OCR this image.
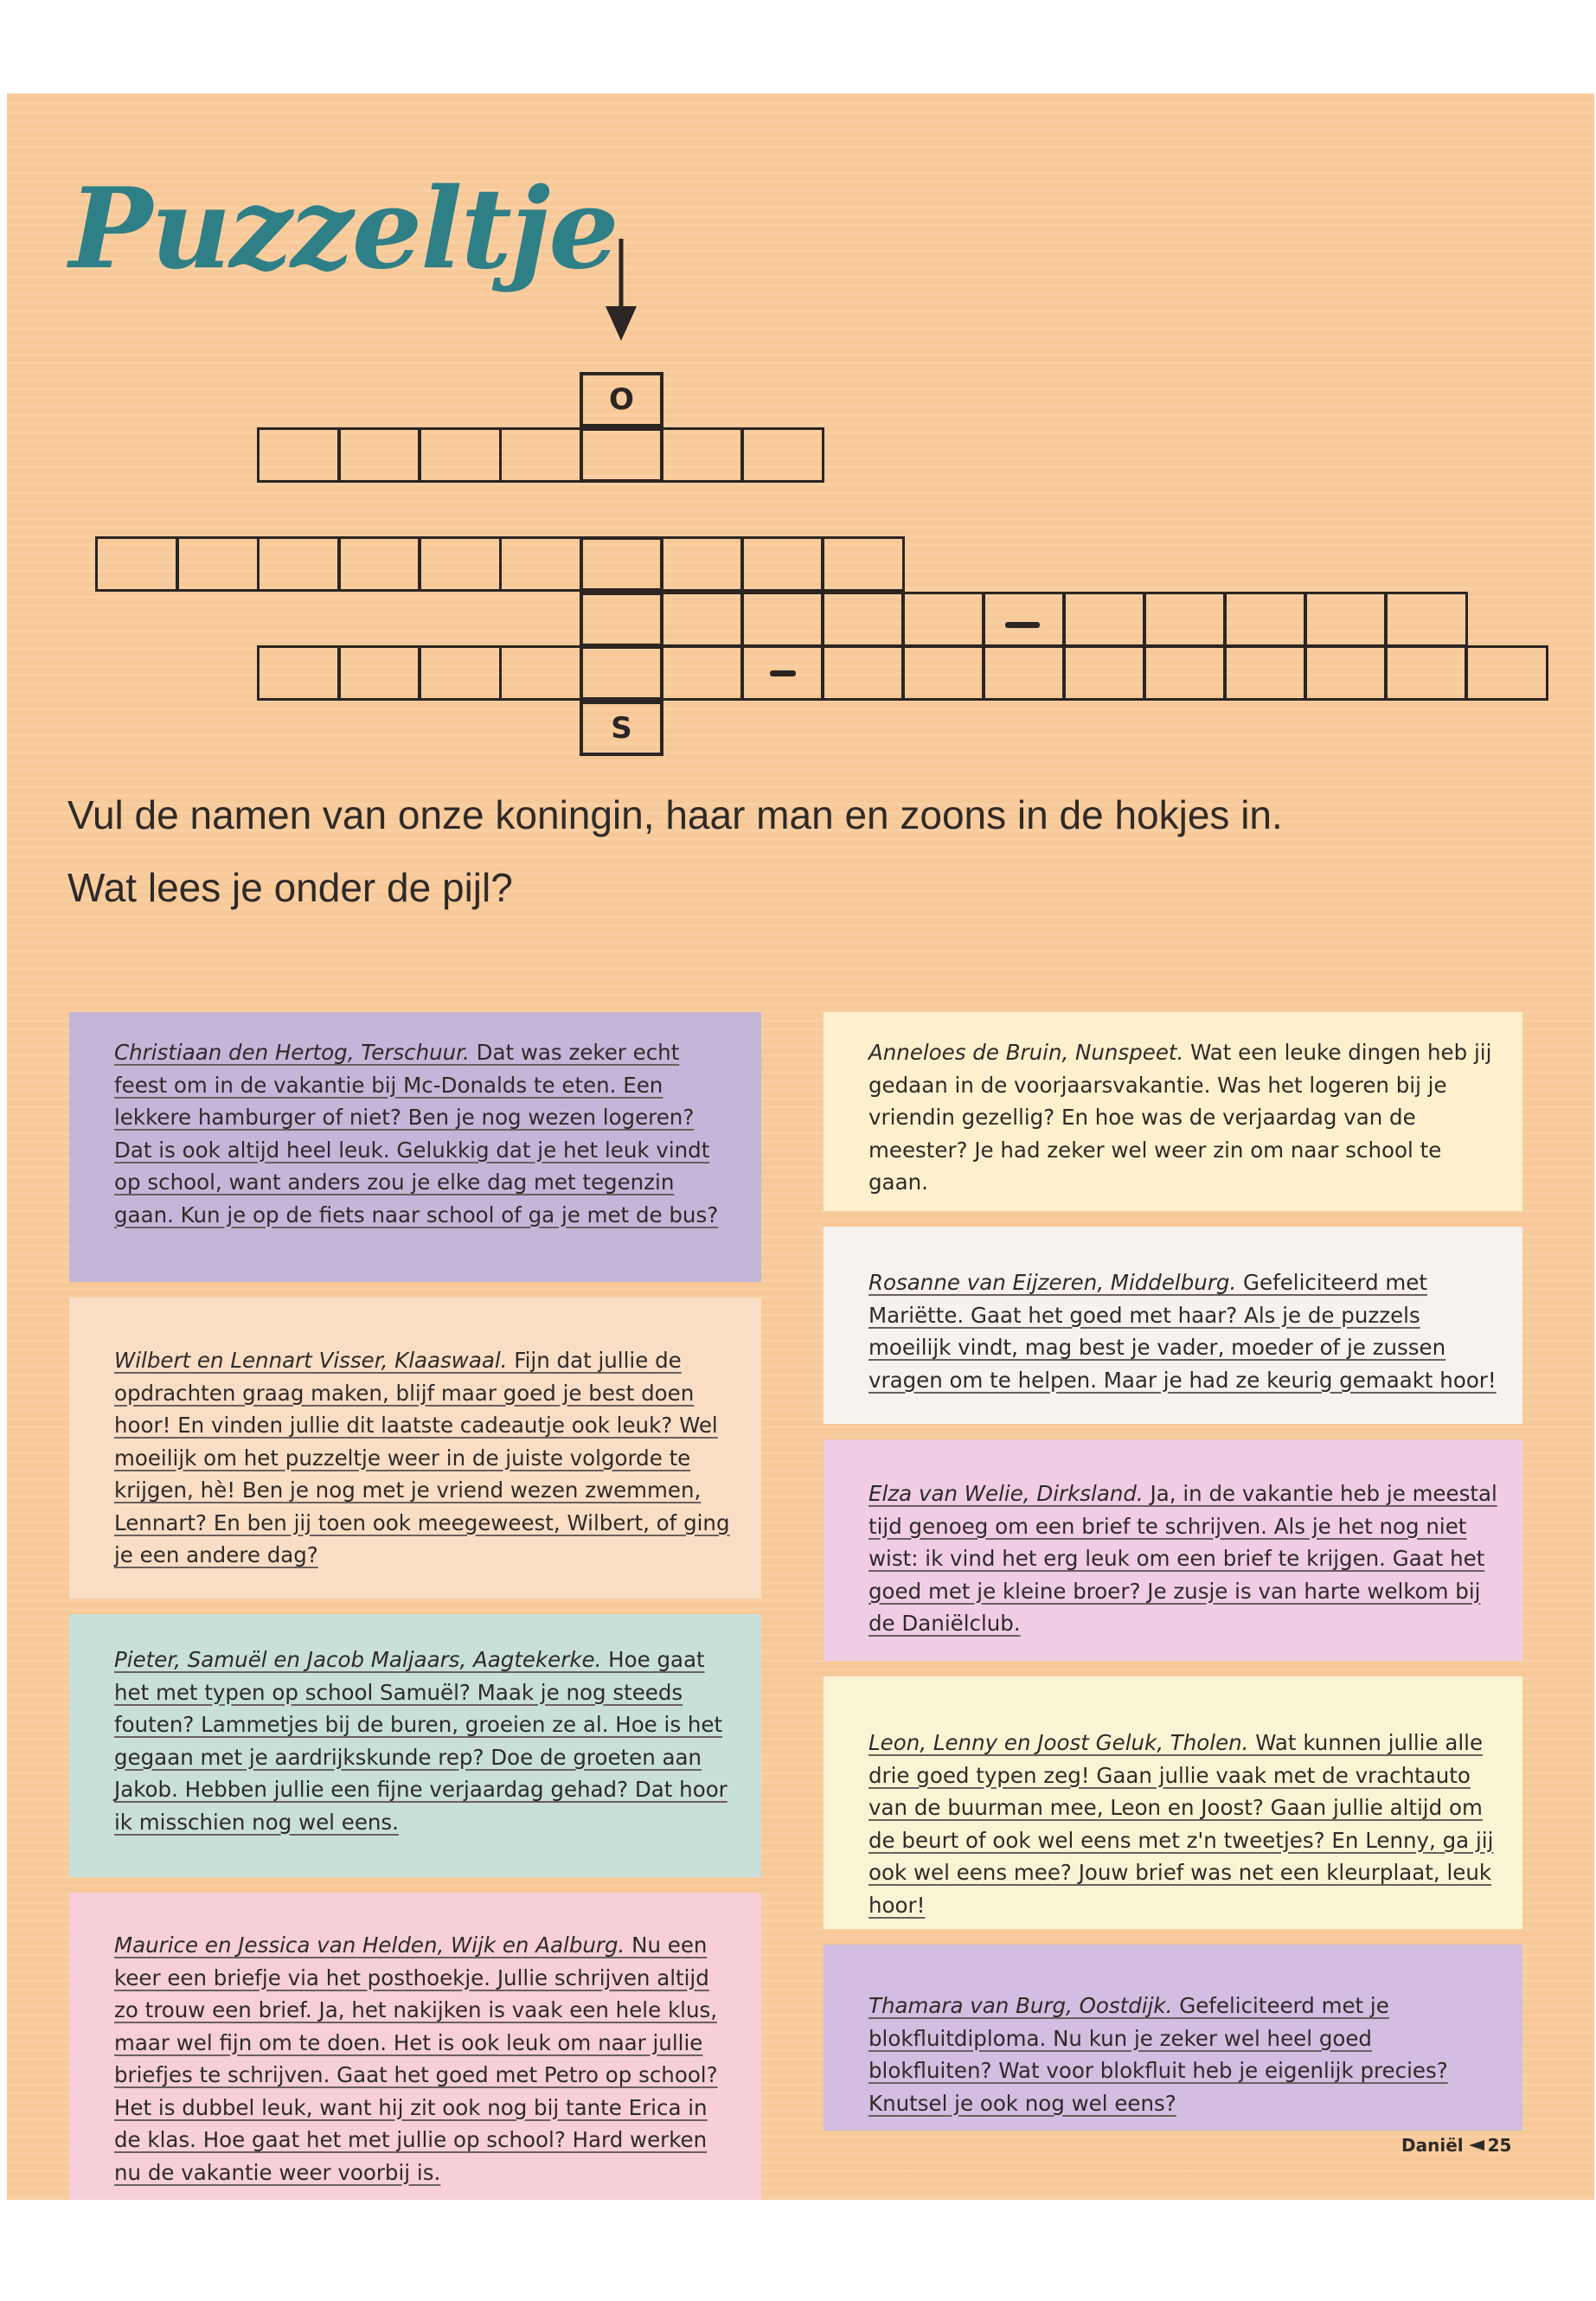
Puzzeltje
O
S
Vul de namen van onze koningin, haar man en zoons in de hokjes in.
Wat lees je onder de pijl?

Christiaan den Hertog, Terschuur. Dat was zeker echt feest om in de vakantie bij Mc-Donalds te eten. Een lekkere hamburger of niet? Ben je nog wezen logeren? Dat is ook altijd heel leuk. Gelukkig dat je het leuk vindt op school, want anders zou je elke dag met tegenzin gaan. Kun je op de fiets naar school of ga je met de bus?

Wilbert en Lennart Visser, Klaaswaal. Fijn dat jullie de opdrachten graag maken, blijf maar goed je best doen hoor! En vinden jullie dit laatste cadeautje ook leuk? Wel moeilijk om het puzzeltje weer in de juiste volgorde te krijgen, hè! Ben je nog met je vriend wezen zwemmen, Lennart? En ben jij toen ook meegeweest, Wilbert, of ging je een andere dag?

Pieter, Samuël en Jacob Maljaars, Aagtekerke. Hoe gaat het met typen op school Samuël? Maak je nog steeds fouten? Lammetjes bij de buren, groeien ze al. Hoe is het gegaan met je aardrijkskunde rep? Doe de groeten aan Jakob. Hebben jullie een fijne verjaardag gehad? Dat hoor ik misschien nog wel eens.

Maurice en Jessica van Helden, Wijk en Aalburg. Nu een keer een briefje via het posthoekje. Jullie schrijven altijd zo trouw een brief. Ja, het nakijken is vaak een hele klus, maar wel fijn om te doen. Het is ook leuk om naar jullie briefjes te schrijven. Gaat het goed met Petro op school? Het is dubbel leuk, want hij zit ook nog bij tante Erica in de klas. Hoe gaat het met jullie op school? Hard werken nu de vakantie weer voorbij is.

Anneloes de Bruin, Nunspeet. Wat een leuke dingen heb jij gedaan in de voorjaarsvakantie. Was het logeren bij je vriendin gezellig? En hoe was de verjaardag van de meester? Je had zeker wel weer zin om naar school te gaan.

Rosanne van Eijzeren, Middelburg. Gefeliciteerd met Mariëtte. Gaat het goed met haar? Als je de puzzels moeilijk vindt, mag best je vader, moeder of je zussen vragen om te helpen. Maar je had ze keurig gemaakt hoor!

Elza van Welie, Dirksland. Ja, in de vakantie heb je meestal tijd genoeg om een brief te schrijven. Als je het nog niet wist: ik vind het erg leuk om een brief te krijgen. Gaat het goed met je kleine broer? Je zusje is van harte welkom bij de Daniëlclub.

Leon, Lenny en Joost Geluk, Tholen. Wat kunnen jullie alle drie goed typen zeg! Gaan jullie vaak met de vrachtauto van de buurman mee, Leon en Joost? Gaan jullie altijd om de beurt of ook wel eens met z'n tweetjes? En Lenny, ga jij ook wel eens mee? Jouw brief was net een kleurplaat, leuk hoor!

Thamara van Burg, Oostdijk. Gefeliciteerd met je blokfluitdiploma. Nu kun je zeker wel heel goed blokfluiten? Wat voor blokfluit heb je eigenlijk precies? Knutsel je ook nog wel eens?

Daniël 25
